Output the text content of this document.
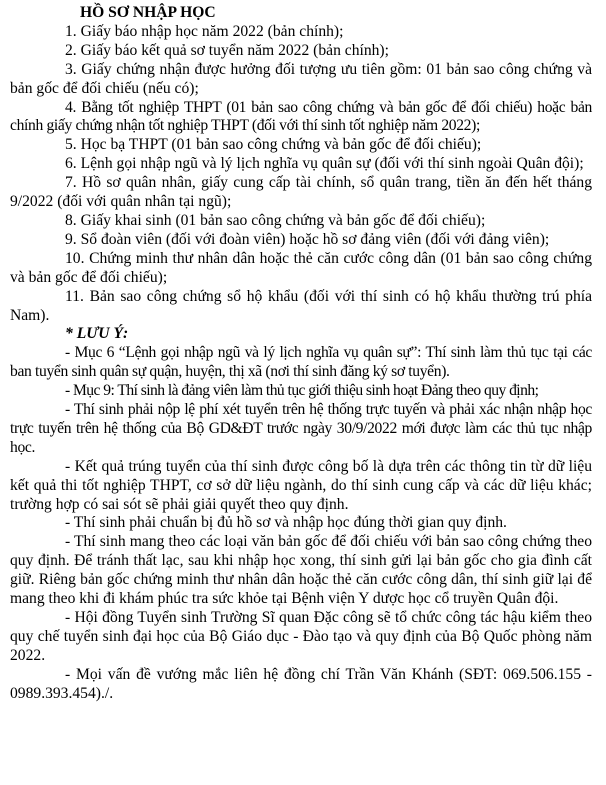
HỒ SƠ NHẬP HỌC

1. Giấy báo nhập học năm 2022 (bản chính);

2. Giấy báo kết quả sơ tuyển năm 2022 (bản chính);

3. Giấy chứng nhận được hưởng đối tượng ưu tiên gồm: 01 bản sao công chứng và bản gốc để đối chiếu (nếu có);

4. Bằng tốt nghiệp THPT (01 bản sao công chứng và bản gốc để đối chiếu) hoặc bản chính giấy chứng nhận tốt nghiệp THPT (đối với thí sinh tốt nghiệp năm 2022);

5. Học bạ THPT (01 bản sao công chứng và bản gốc để đối chiếu);

6. Lệnh gọi nhập ngũ và lý lịch nghĩa vụ quân sự (đối với thí sinh ngoài Quân đội);

7. Hồ sơ quân nhân, giấy cung cấp tài chính, sổ quân trang, tiền ăn đến hết tháng 9/2022 (đối với quân nhân tại ngũ);

8. Giấy khai sinh (01 bản sao công chứng và bản gốc để đối chiếu);

9. Sổ đoàn viên (đối với đoàn viên) hoặc hồ sơ đảng viên (đối với đảng viên);

10. Chứng minh thư nhân dân hoặc thẻ căn cước công dân (01 bản sao công chứng và bản gốc để đối chiếu);

11. Bản sao công chứng sổ hộ khẩu (đối với thí sinh có hộ khẩu thường trú phía Nam).

* LƯU Ý:

- Mục 6 “Lệnh gọi nhập ngũ và lý lịch nghĩa vụ quân sự”: Thí sinh làm thủ tục tại các ban tuyển sinh quân sự quận, huyện, thị xã (nơi thí sinh đăng ký sơ tuyển).

- Mục 9: Thí sinh là đảng viên làm thủ tục giới thiệu sinh hoạt Đảng theo quy định;

- Thí sinh phải nộp lệ phí xét tuyển trên hệ thống trực tuyến và phải xác nhận nhập học trực tuyến trên hệ thống của Bộ GD&ĐT trước ngày 30/9/2022 mới được làm các thủ tục nhập học.

- Kết quả trúng tuyển của thí sinh được công bố là dựa trên các thông tin từ dữ liệu kết quả thi tốt nghiệp THPT, cơ sở dữ liệu ngành, do thí sinh cung cấp và các dữ liệu khác; trường hợp có sai sót sẽ phải giải quyết theo quy định.

- Thí sinh phải chuẩn bị đủ hồ sơ và nhập học đúng thời gian quy định.

- Thí sinh mang theo các loại văn bản gốc để đối chiếu với bản sao công chứng theo quy định. Để tránh thất lạc, sau khi nhập học xong, thí sinh gửi lại bản gốc cho gia đình cất giữ. Riêng bản gốc chứng minh thư nhân dân hoặc thẻ căn cước công dân, thí sinh giữ lại để mang theo khi đi khám phúc tra sức khỏe tại Bệnh viện Y dược học cổ truyền Quân đội.

- Hội đồng Tuyển sinh Trường Sĩ quan Đặc công sẽ tổ chức công tác hậu kiểm theo quy chế tuyển sinh đại học của Bộ Giáo dục - Đào tạo và quy định của Bộ Quốc phòng năm 2022.

- Mọi vấn đề vướng mắc liên hệ đồng chí Trần Văn Khánh (SĐT: 069.506.155 - 0989.393.454)./.
